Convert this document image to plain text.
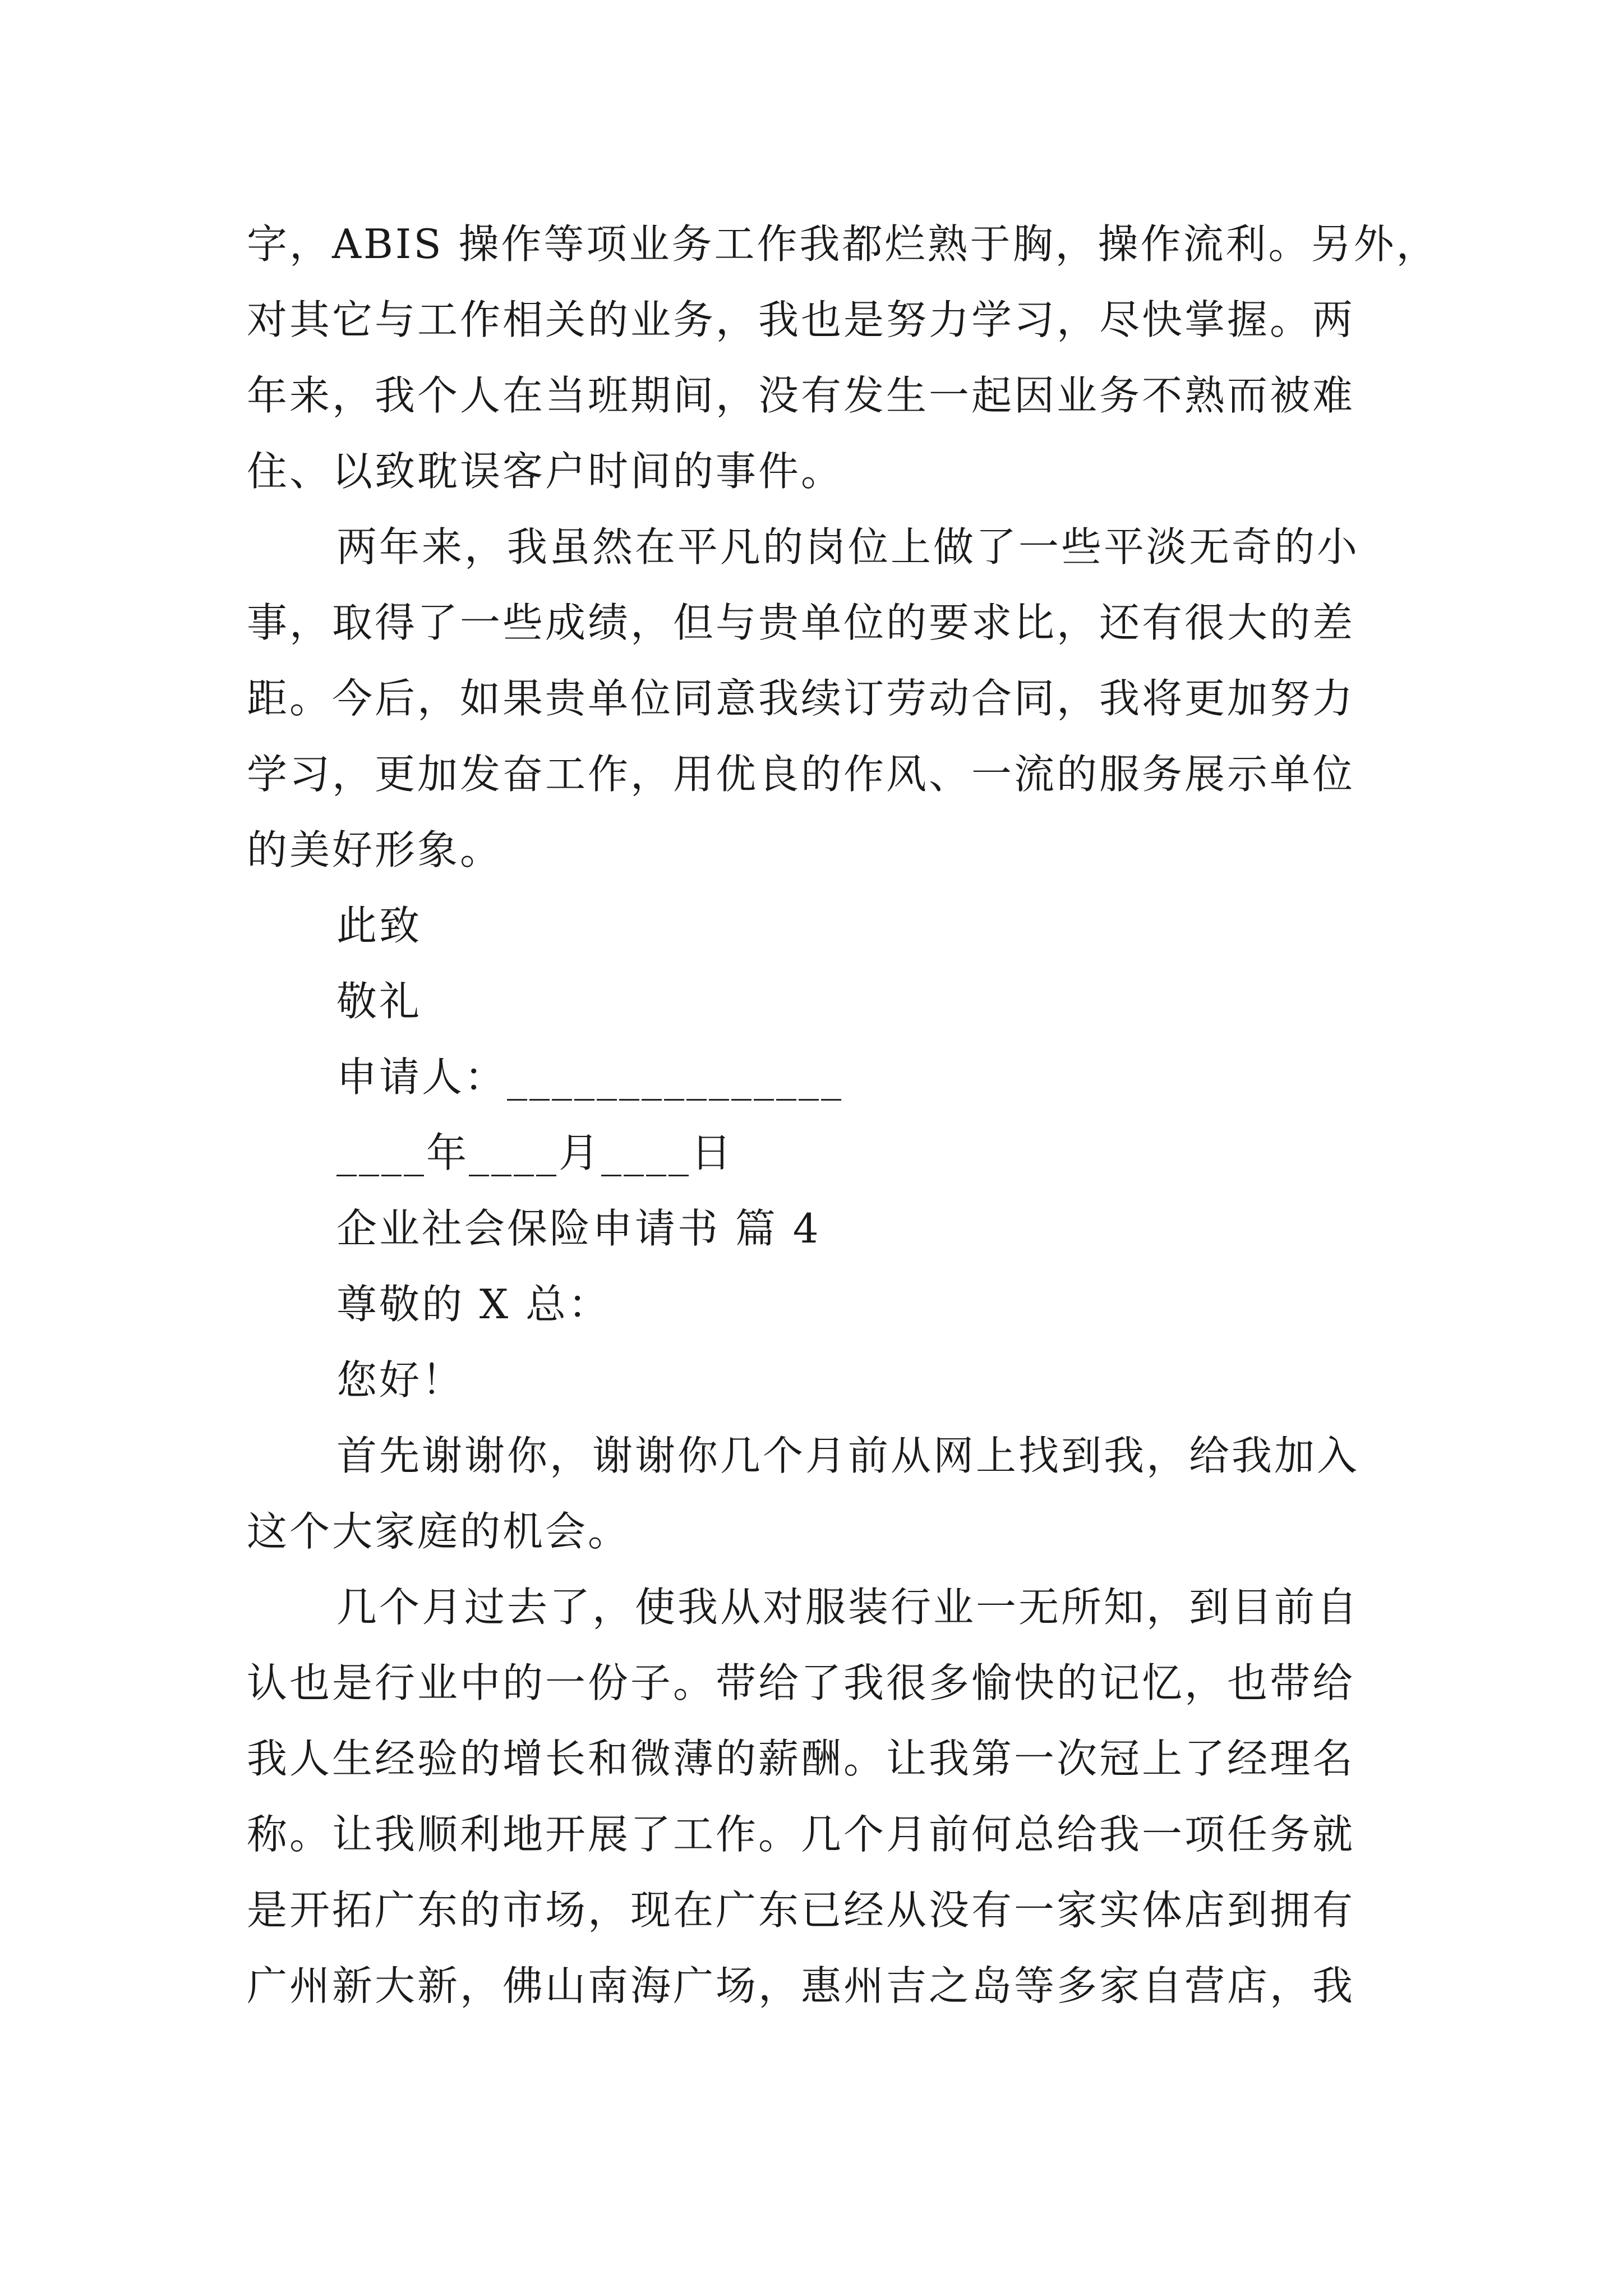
字，ABIS 操作等项业务工作我都烂熟于胸，操作流利。另外，
对其它与工作相关的业务，我也是努力学习，尽快掌握。两
年来，我个人在当班期间，没有发生一起因业务不熟而被难
住、以致耽误客户时间的事件。
两年来，我虽然在平凡的岗位上做了一些平淡无奇的小
事，取得了一些成绩，但与贵单位的要求比，还有很大的差
距。今后，如果贵单位同意我续订劳动合同，我将更加努力
学习，更加发奋工作，用优良的作风、一流的服务展示单位
的美好形象。
此致
敬礼
申请人：_______________
____年____月____日
企业社会保险申请书 篇 4
尊敬的 X 总：
您好！
首先谢谢你，谢谢你几个月前从网上找到我，给我加入
这个大家庭的机会。
几个月过去了，使我从对服装行业一无所知，到目前自
认也是行业中的一份子。带给了我很多愉快的记忆，也带给
我人生经验的增长和微薄的薪酬。让我第一次冠上了经理名
称。让我顺利地开展了工作。几个月前何总给我一项任务就
是开拓广东的市场，现在广东已经从没有一家实体店到拥有
广州新大新，佛山南海广场，惠州吉之岛等多家自营店，我
